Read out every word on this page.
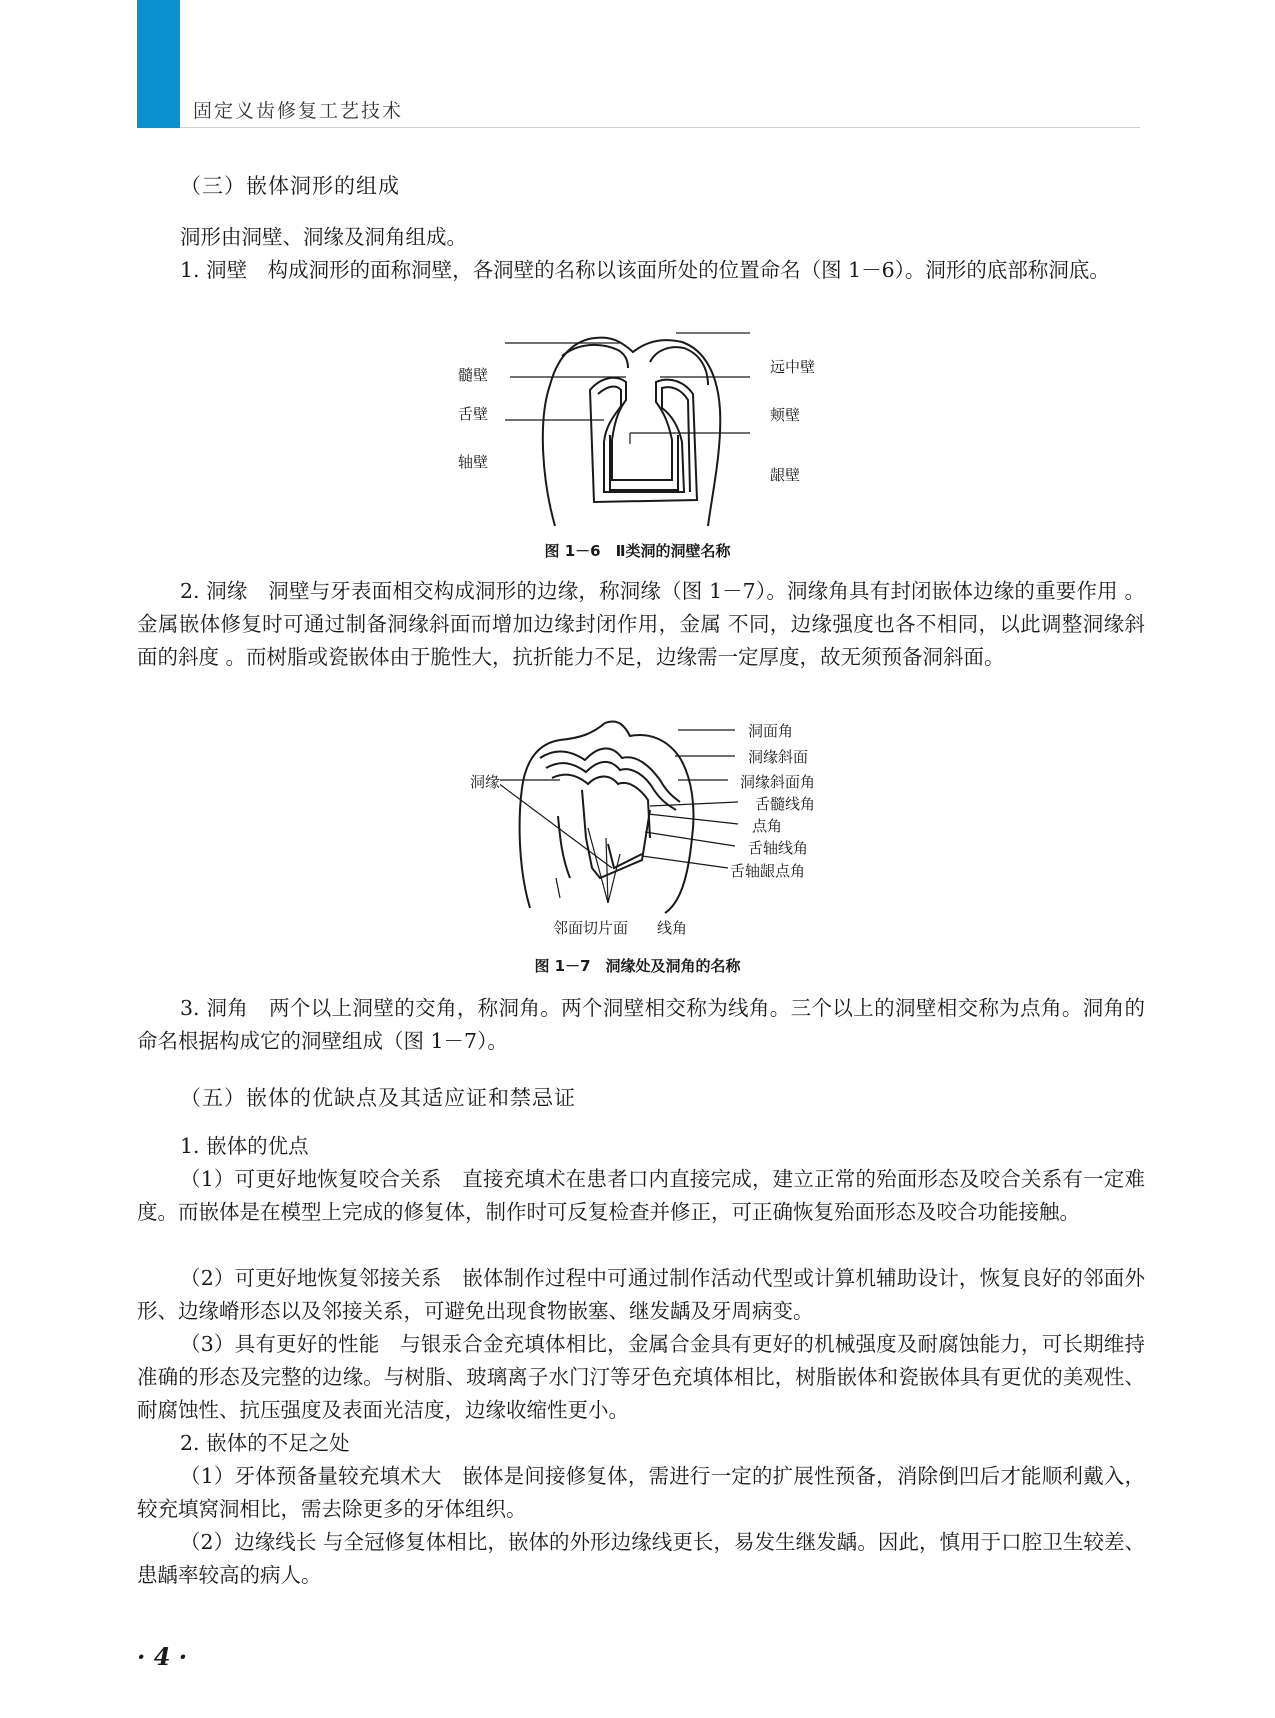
固定义齿修复工艺技术
（三）嵌体洞形的组成
洞形由洞壁、洞缘及洞角组成。
1. 洞壁　构成洞形的面称洞壁，各洞壁的名称以该面所处的位置命名（图 1－6）。洞形的底部称洞底。
髓壁
舌壁
轴壁
远中壁
颊壁
龈壁
图 1－6　Ⅱ类洞的洞壁名称
2. 洞缘　洞壁与牙表面相交构成洞形的边缘，称洞缘（图 1－7）。洞缘角具有封闭嵌体边缘的重要作用 。金属嵌体修复时可通过制备洞缘斜面而增加边缘封闭作用，金属 不同，边缘强度也各不相同，以此调整洞缘斜面的斜度 。而树脂或瓷嵌体由于脆性大，抗折能力不足，边缘需一定厚度，故无须预备洞斜面。
洞缘
洞面角
洞缘斜面
洞缘斜面角
舌髓线角
点角
舌轴线角
舌轴龈点角
邻面切片面 线角
图 1－7　洞缘处及洞角的名称
3. 洞角　两个以上洞壁的交角，称洞角。两个洞壁相交称为线角。三个以上的洞壁相交称为点角。洞角的命名根据构成它的洞壁组成（图 1－7）。
（五）嵌体的优缺点及其适应证和禁忌证
1. 嵌体的优点
（1）可更好地恢复咬合关系　直接充填术在患者口内直接完成，建立正常的殆面形态及咬合关系有一定难度。而嵌体是在模型上完成的修复体，制作时可反复检查并修正，可正确恢复殆面形态及咬合功能接触。
（2）可更好地恢复邻接关系　嵌体制作过程中可通过制作活动代型或计算机辅助设计，恢复良好的邻面外形、边缘嵴形态以及邻接关系，可避免出现食物嵌塞、继发龋及牙周病变。
（3）具有更好的性能　与银汞合金充填体相比，金属合金具有更好的机械强度及耐腐蚀能力，可长期维持准确的形态及完整的边缘。与树脂、玻璃离子水门汀等牙色充填体相比，树脂嵌体和瓷嵌体具有更优的美观性、耐腐蚀性、抗压强度及表面光洁度，边缘收缩性更小。
2. 嵌体的不足之处
（1）牙体预备量较充填术大　嵌体是间接修复体，需进行一定的扩展性预备，消除倒凹后才能顺利戴入，较充填窝洞相比，需去除更多的牙体组织。
（2）边缘线长 与全冠修复体相比，嵌体的外形边缘线更长，易发生继发龋。因此，慎用于口腔卫生较差、患龋率较高的病人。
· 4 ·
